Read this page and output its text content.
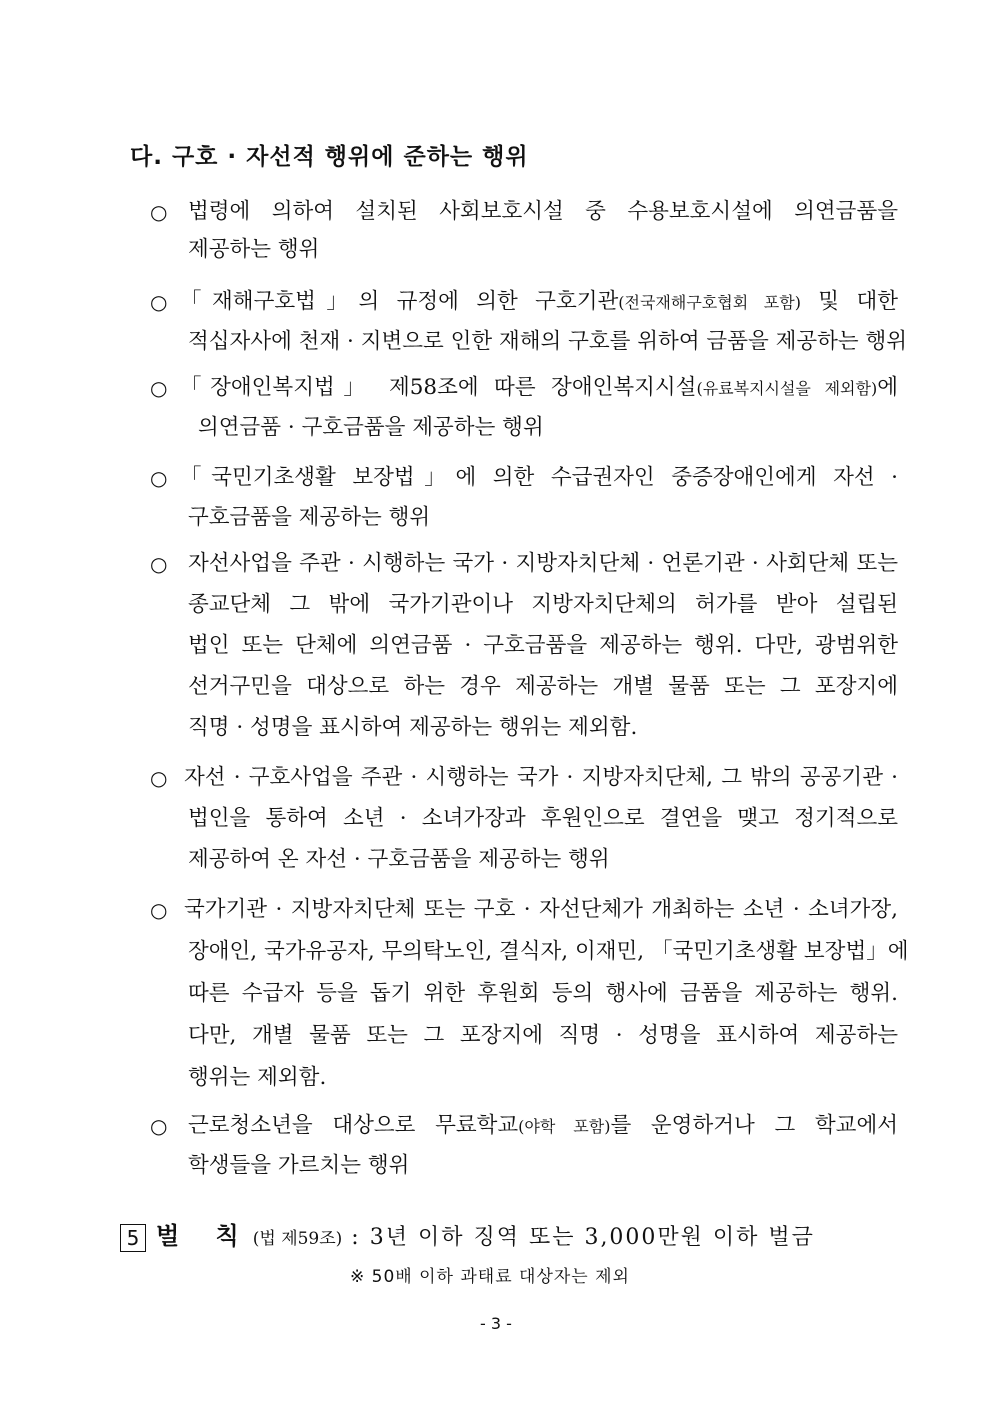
다. 구호 · 자선적 행위에 준하는 행위
○ 법령에 의하여 설치된 사회보호시설 중 수용보호시설에 의연금품을
제공하는 행위
○ 「재해구호법」의 규정에 의한 구호기관(전국재해구호협회 포함) 및 대한
적십자사에 천재 · 지변으로 인한 재해의 구호를 위하여 금품을 제공하는 행위
○ 「장애인복지법」 제58조에 따른 장애인복지시설(유료복지시설을 제외함)에
의연금품 · 구호금품을 제공하는 행위
○ 「국민기초생활 보장법」에 의한 수급권자인 중증장애인에게 자선 ·
구호금품을 제공하는 행위
○ 자선사업을 주관 · 시행하는 국가 · 지방자치단체 · 언론기관 · 사회단체 또는
종교단체 그 밖에 국가기관이나 지방자치단체의 허가를 받아 설립된
법인 또는 단체에 의연금품 · 구호금품을 제공하는 행위. 다만, 광범위한
선거구민을 대상으로 하는 경우 제공하는 개별 물품 또는 그 포장지에
직명 · 성명을 표시하여 제공하는 행위는 제외함.
○ 자선 · 구호사업을 주관 · 시행하는 국가 · 지방자치단체, 그 밖의 공공기관 ·
법인을 통하여 소년 · 소녀가장과 후원인으로 결연을 맺고 정기적으로
제공하여 온 자선 · 구호금품을 제공하는 행위
○ 국가기관 · 지방자치단체 또는 구호 · 자선단체가 개최하는 소년 · 소녀가장,
장애인, 국가유공자, 무의탁노인, 결식자, 이재민, 「국민기초생활 보장법」에
따른 수급자 등을 돕기 위한 후원회 등의 행사에 금품을 제공하는 행위.
다만, 개별 물품 또는 그 포장지에 직명 · 성명을 표시하여 제공하는
행위는 제외함.
○ 근로청소년을 대상으로 무료학교(야학 포함)를 운영하거나 그 학교에서
학생들을 가르치는 행위
5 벌 칙(법 제59조) : 3년 이하 징역 또는 3,000만원 이하 벌금
※ 50배 이하 과태료 대상자는 제외
- 3 -
